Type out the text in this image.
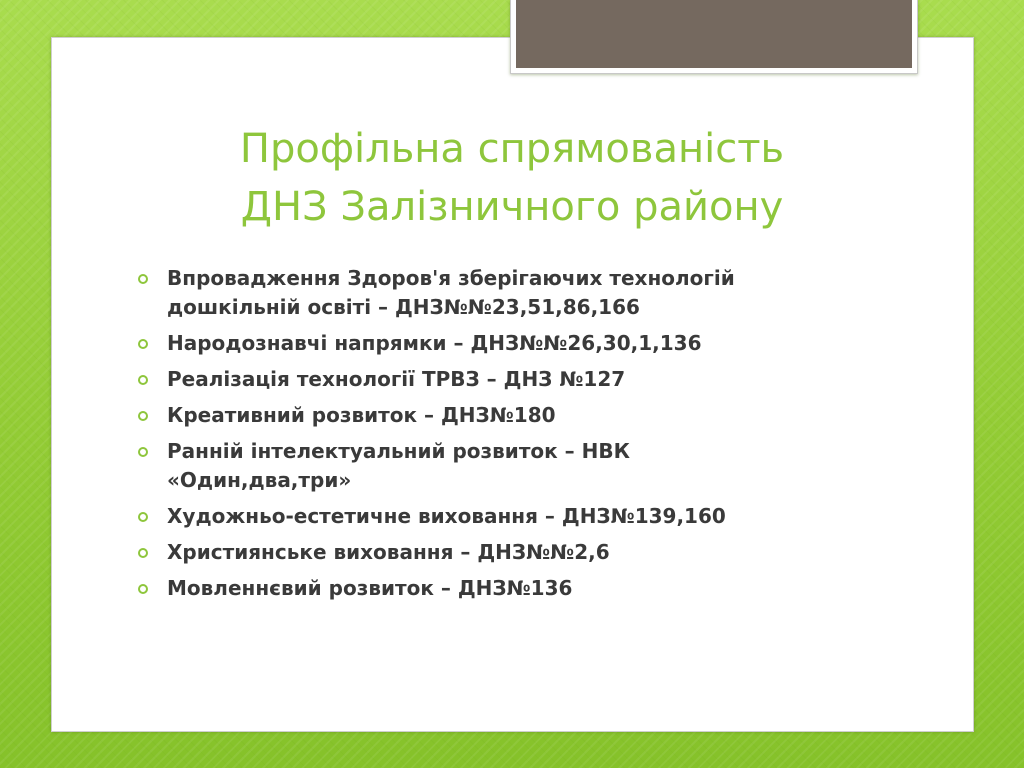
Профільна спрямованість
ДНЗ Залізничного району
Впровадження Здоров'я зберігаючих технологій
дошкільній освіті – ДНЗ№№23,51,86,166
Народознавчі напрямки – ДНЗ№№26,30,1,136
Реалізація технології ТРВЗ – ДНЗ №127
Креативний розвиток – ДНЗ№180
Ранній інтелектуальний розвиток – НВК
«Один,два,три»
Художньо-естетичне виховання – ДНЗ№139,160
Християнське виховання – ДНЗ№№2,6
Мовленнєвий розвиток – ДНЗ№136
